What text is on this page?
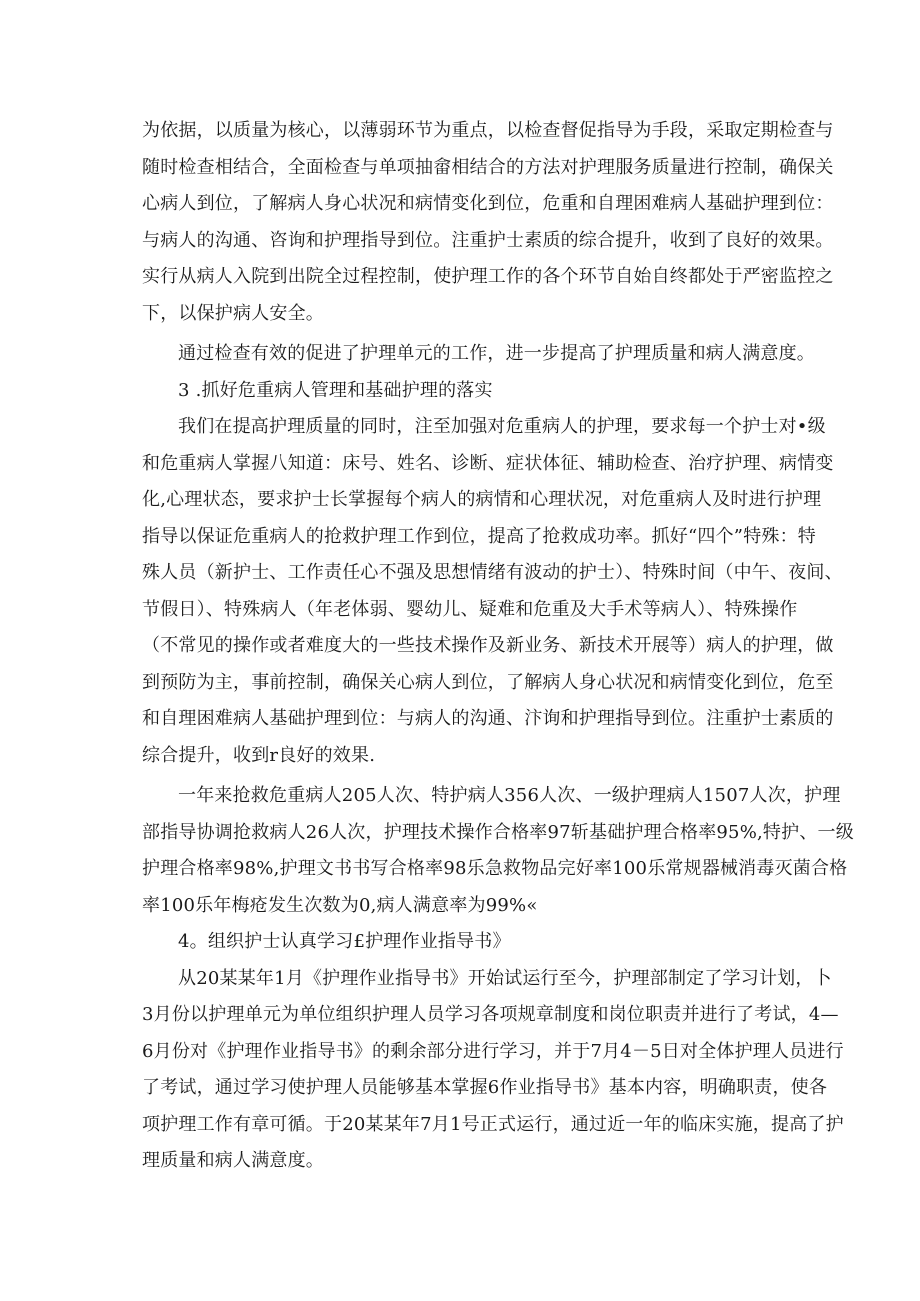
为依据，以质量为核心，以薄弱环节为重点，以检查督促指导为手段，采取定期检查与
随时检查相结合，全面检查与单项抽畲相结合的方法对护理服务质量进行控制，确保关
心病人到位，了解病人身心状况和病情变化到位，危重和自理困难病人基础护理到位：
与病人的沟通、咨询和护理指导到位。注重护士素质的综合提升，收到了良好的效果。
实行从病人入院到出院全过程控制，使护理工作的各个环节自始自终都处于严密监控之
下，以保护病人安全。
通过检查有效的促进了护理单元的工作，进一步提高了护理质量和病人满意度。
3 .抓好危重病人管理和基础护理的落实
我们在提高护理质量的同时，注至加强对危重病人的护理，要求每一个护士对•级
和危重病人掌握八知道：床号、姓名、诊断、症状体征、辅助检查、治疗护理、病情变
化,心理状态，要求护士长掌握每个病人的病情和心理状况，对危重病人及时进行护理
指导以保证危重病人的抢救护理工作到位，提高了抢救成功率。抓好“四个”特殊：特
殊人员（新护士、工作责任心不强及思想情绪有波动的护士）、特殊时间（中午、夜间、
节假日）、特殊病人（年老体弱、婴幼儿、疑难和危重及大手术等病人）、特殊操作
（不常见的操作或者难度大的一些技术操作及新业务、新技术开展等）病人的护理，做
到预防为主，事前控制，确保关心病人到位，了解病人身心状况和病情变化到位，危至
和自理困难病人基础护理到位：与病人的沟通、汴询和护理指导到位。注重护士素质的
综合提升，收到r良好的效果.
一年来抢救危重病人205人次、特护病人356人次、一级护理病人1507人次，护理
部指导协调抢救病人26人次，护理技术操作合格率97斩基础护理合格率95%,特护、一级
护理合格率98%,护理文书书写合格率98乐急救物品完好率100乐常规器械消毒灭菌合格
率100乐年梅疮发生次数为0,病人满意率为99%«
4。组织护士认真学习£护理作业指导书》
从20某某年1月《护理作业指导书》开始试运行至今，护理部制定了学习计划，卜
3月份以护理单元为单位组织护理人员学习各项规章制度和岗位职责并进行了考试，4—
6月份对《护理作业指导书》的剩余部分进行学习，并于7月4－5日对全体护理人员进行
了考试，通过学习使护理人员能够基本掌握6作业指导书》基本内容，明确职责，使各
项护理工作有章可循。于20某某年7月1号正式运行，通过近一年的临床实施，提高了护
理质量和病人满意度。
